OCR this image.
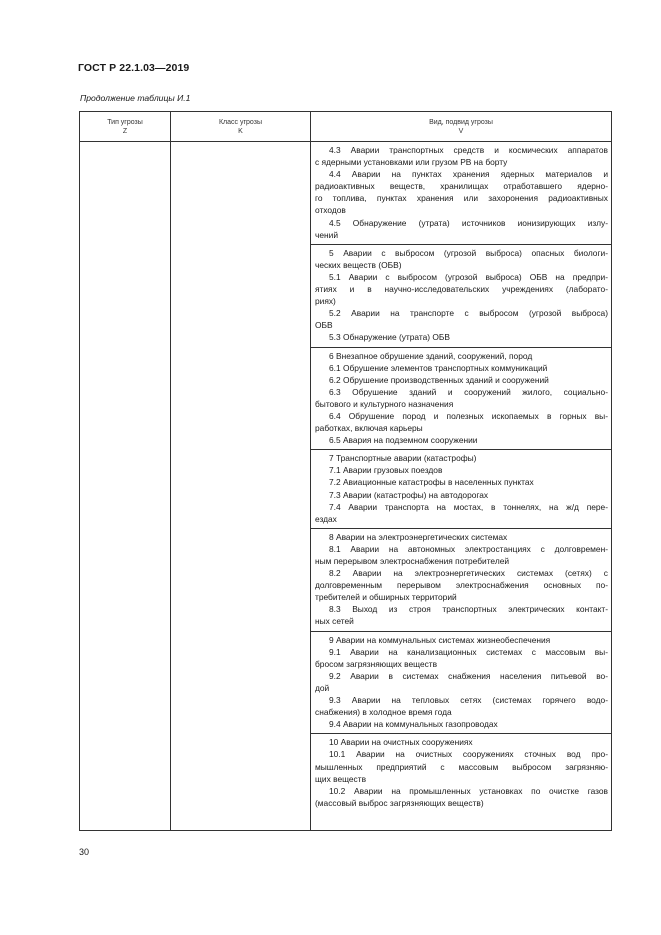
ГОСТ Р 22.1.03—2019
Продолжение таблицы И.1
Тип угрозы
Z
Класс угрозы
K
Вид, подвид угрозы
V
4.3 Аварии транспортных средств и космических аппаратов
с ядерными установками или грузом РВ на борту
4.4 Аварии на пунктах хранения ядерных материалов и
радиоактивных веществ, хранилищах отработавшего ядерно-
го топлива, пунктах хранения или захоронения радиоактивных
отходов
4.5 Обнаружение (утрата) источников ионизирующих излу-
чений
5 Аварии с выбросом (угрозой выброса) опасных биологи-
ческих веществ (ОБВ)
5.1 Аварии с выбросом (угрозой выброса) ОБВ на предпри-
ятиях и в научно-исследовательских учреждениях (лаборато-
риях)
5.2 Аварии на транспорте с выбросом (угрозой выброса)
ОБВ
5.3 Обнаружение (утрата) ОБВ
6 Внезапное обрушение зданий, сооружений, пород
6.1 Обрушение элементов транспортных коммуникаций
6.2 Обрушение производственных зданий и сооружений
6.3 Обрушение зданий и сооружений жилого, социально-
бытового и культурного назначения
6.4 Обрушение пород и полезных ископаемых в горных вы-
работках, включая карьеры
6.5 Авария на подземном сооружении
7 Транспортные аварии (катастрофы)
7.1 Аварии грузовых поездов
7.2 Авиационные катастрофы в населенных пунктах
7.3 Аварии (катастрофы) на автодорогах
7.4 Аварии транспорта на мостах, в тоннелях, на ж/д пере-
ездах
8 Аварии на электроэнергетических системах
8.1 Аварии на автономных электростанциях с долговремен-
ным перерывом электроснабжения потребителей
8.2 Аварии на электроэнергетических системах (сетях) с
долговременным перерывом электроснабжения основных по-
требителей и обширных территорий
8.3 Выход из строя транспортных электрических контакт-
ных сетей
9 Аварии на коммунальных системах жизнеобеспечения
9.1 Аварии на канализационных системах с массовым вы-
бросом загрязняющих веществ
9.2 Аварии в системах снабжения населения питьевой во-
дой
9.3 Аварии на тепловых сетях (системах горячего водо-
снабжения) в холодное время года
9.4 Аварии на коммунальных газопроводах
10 Аварии на очистных сооружениях
10.1 Аварии на очистных сооружениях сточных вод про-
мышленных предприятий с массовым выбросом загрязняю-
щих веществ
10.2 Аварии на промышленных установках по очистке газов
(массовый выброс загрязняющих веществ)
30
